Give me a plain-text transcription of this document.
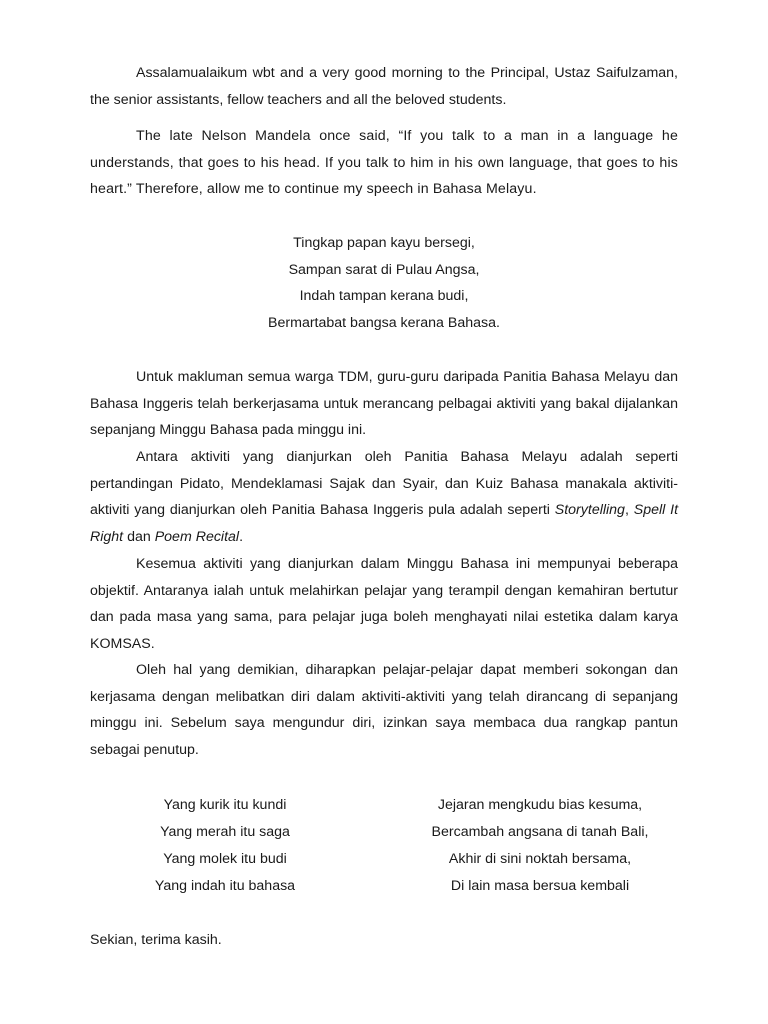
Assalamualaikum wbt and a very good morning to the Principal, Ustaz Saifulzaman, the senior assistants, fellow teachers and all the beloved students.

The late Nelson Mandela once said, “If you talk to a man in a language he understands, that goes to his head. If you talk to him in his own language, that goes to his heart.” Therefore, allow me to continue my speech in Bahasa Melayu.

Tingkap papan kayu bersegi,

Sampan sarat di Pulau Angsa,

Indah tampan kerana budi,

Bermartabat bangsa kerana Bahasa.

Untuk makluman semua warga TDM, guru-guru daripada Panitia Bahasa Melayu dan Bahasa Inggeris telah berkerjasama untuk merancang pelbagai aktiviti yang bakal dijalankan sepanjang Minggu Bahasa pada minggu ini.

Antara aktiviti yang dianjurkan oleh Panitia Bahasa Melayu adalah seperti pertandingan Pidato, Mendeklamasi Sajak dan Syair, dan Kuiz Bahasa manakala aktiviti-aktiviti yang dianjurkan oleh Panitia Bahasa Inggeris pula adalah seperti Storytelling, Spell It Right dan Poem Recital.

Kesemua aktiviti yang dianjurkan dalam Minggu Bahasa ini mempunyai beberapa objektif. Antaranya ialah untuk melahirkan pelajar yang terampil dengan kemahiran bertutur dan pada masa yang sama, para pelajar juga boleh menghayati nilai estetika dalam karya KOMSAS.

Oleh hal yang demikian, diharapkan pelajar-pelajar dapat memberi sokongan dan kerjasama dengan melibatkan diri dalam aktiviti-aktiviti yang telah dirancang di sepanjang minggu ini. Sebelum saya mengundur diri, izinkan saya membaca dua rangkap pantun sebagai penutup.

Yang kurik itu kundi
Yang merah itu saga
Yang molek itu budi
Yang indah itu bahasa
Jejaran mengkudu bias kesuma,
Bercambah angsana di tanah Bali,
Akhir di sini noktah bersama,
Di lain masa bersua kembali

Sekian, terima kasih.
